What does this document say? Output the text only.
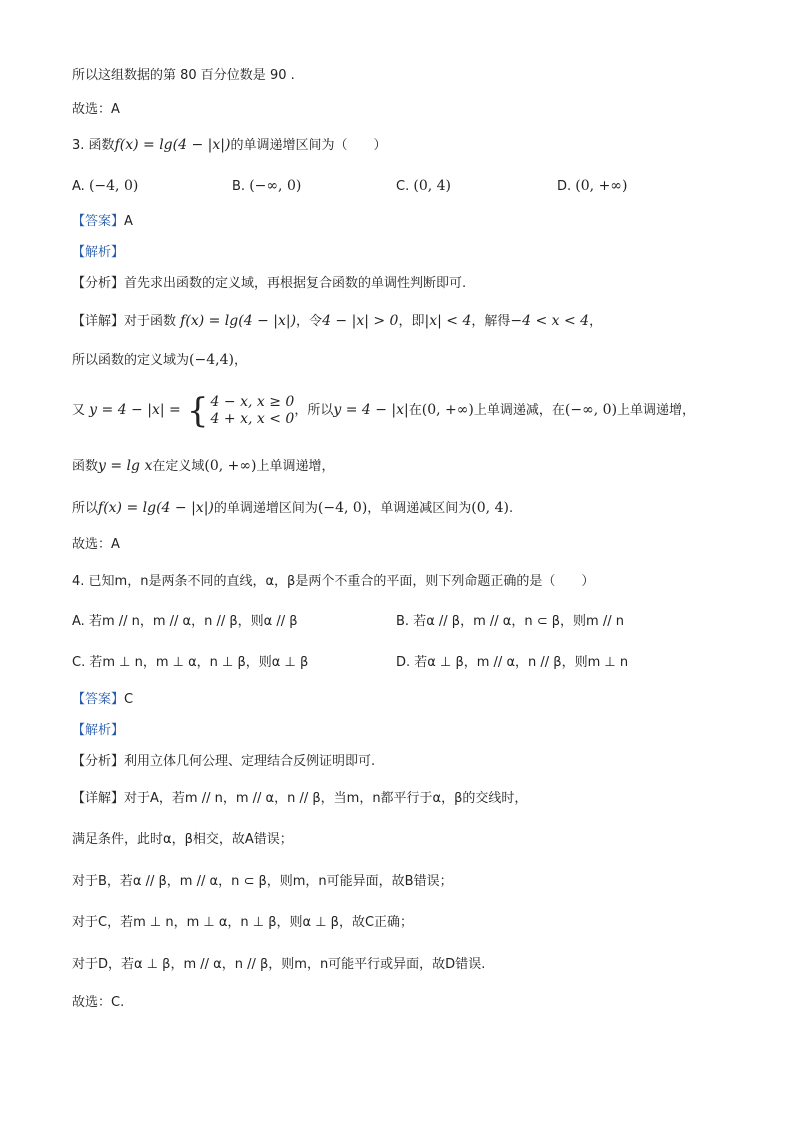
所以这组数据的第 80 百分位数是 90 .
故选：A
3. 函数f(x) = lg(4 − |x|)的单调递增区间为（　　）
A. (−4, 0)	B. (−∞, 0)	C. (0, 4)	D. (0, +∞)
【答案】A
【解析】
【分析】首先求出函数的定义域，再根据复合函数的单调性判断即可.
【详解】对于函数 f(x) = lg(4 − |x|)，令4 − |x| > 0，即|x| < 4，解得−4 < x < 4，
所以函数的定义域为(−4,4)，
又 y = 4 − |x| = { 4 − x, x ≥ 0
4 + x, x < 0 ，所以y = 4 − |x|在(0, +∞)上单调递减，在(−∞, 0)上单调递增，
函数y = lg x在定义域(0, +∞)上单调递增，
所以f(x) = lg(4 − |x|)的单调递增区间为(−4, 0)，单调递减区间为(0, 4).
故选：A
4. 已知m，n是两条不同的直线，α，β是两个不重合的平面，则下列命题正确的是（　　）
A. 若m // n，m // α，n // β，则α // β	B. 若α // β，m // α，n ⊂ β，则m // n
C. 若m ⊥ n，m ⊥ α，n ⊥ β，则α ⊥ β	D. 若α ⊥ β，m // α，n // β，则m ⊥ n
【答案】C
【解析】
【分析】利用立体几何公理、定理结合反例证明即可.
【详解】对于A，若m // n，m // α，n // β，当m，n都平行于α，β的交线时，
满足条件，此时α，β相交，故A错误；
对于B，若α // β，m // α，n ⊂ β，则m，n可能异面，故B错误；
对于C，若m ⊥ n，m ⊥ α，n ⊥ β，则α ⊥ β，故C正确；
对于D，若α ⊥ β，m // α，n // β，则m，n可能平行或异面，故D错误.
故选：C.
